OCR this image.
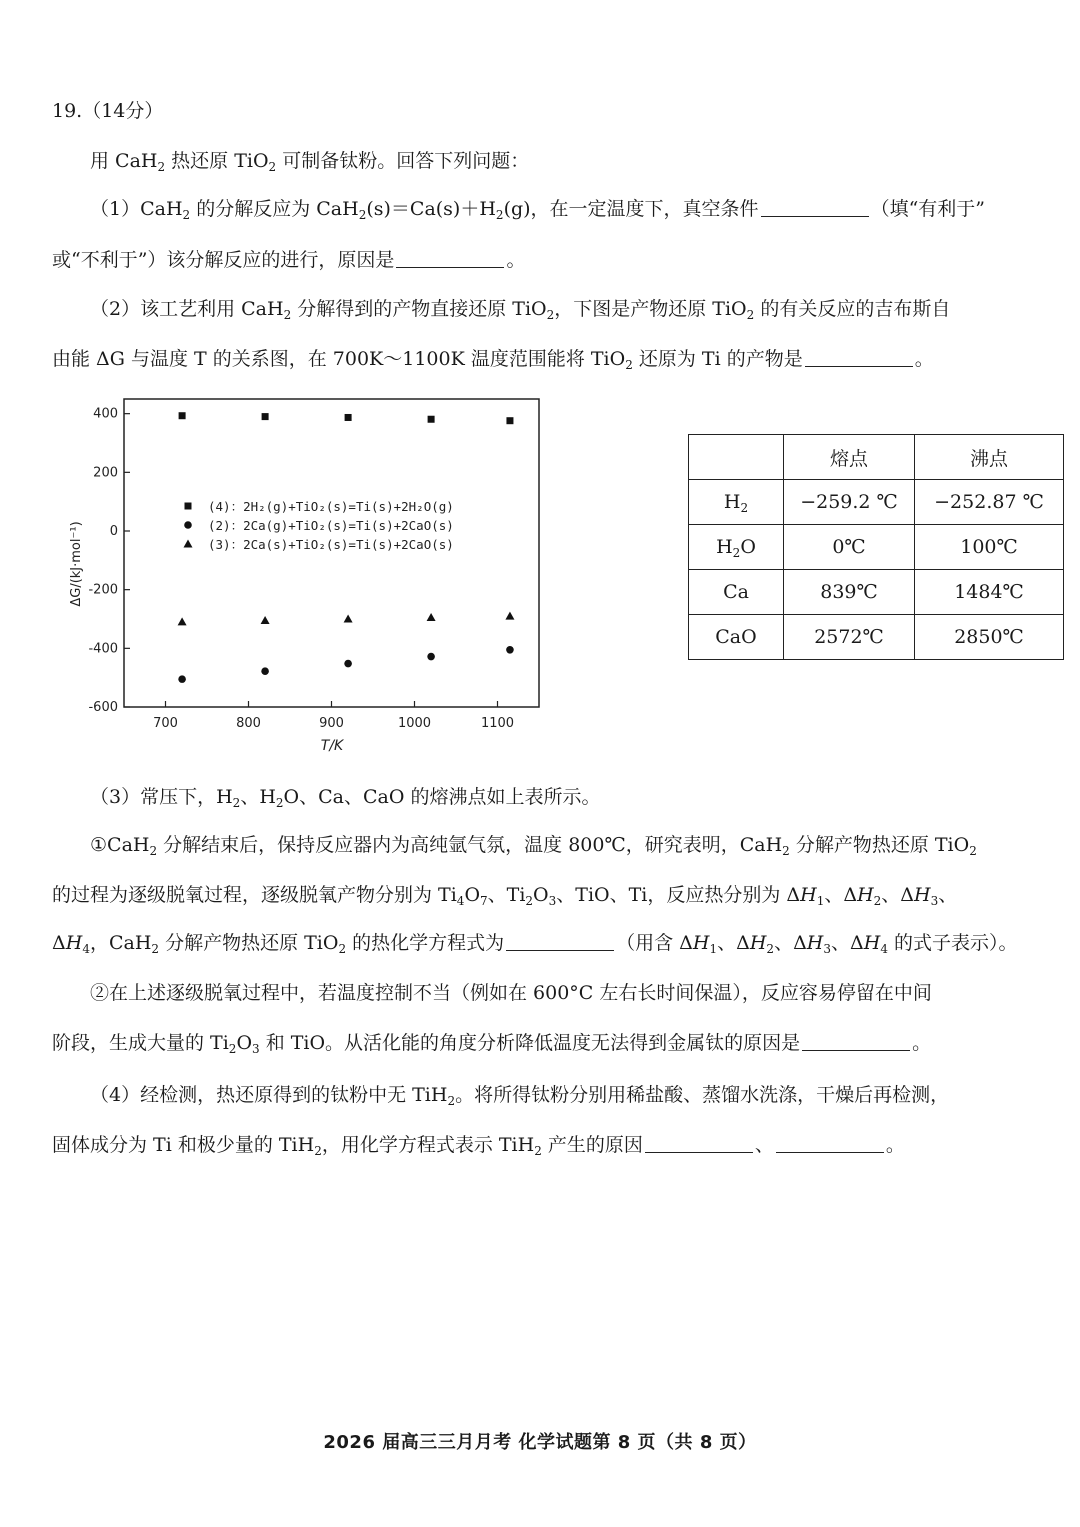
19.（14分）
用 CaH$_2$ 热还原 TiO$_2$ 可制备钛粉。回答下列问题：
（1）CaH$_2$ 的分解反应为 $CaH_2(s)=Ca(s)+H_2(g)$，在一定温度下，真空条件	（填“有利于”
或“不利于”）该分解反应的进行，原因是	。
（2）该工艺利用 CaH$_2$ 分解得到的产物直接还原 TiO$_2$，下图是产物还原 TiO$_2$ 的有关反应的吉布斯自
由能 ΔG 与温度 T 的关系图，在 700K～1100K 温度范围能将 TiO$_2$ 还原为 Ti 的产物是	。
700	800	900	1000	1100
400
200
0
-200
-400
-600
(4)：2H₂(g)+TiO₂(s)=Ti(s)+2H₂O(g)
(2)：2Ca(g)+TiO₂(s)=Ti(s)+2CaO(s)
(3)：2Ca(s)+TiO₂(s)=Ti(s)+2CaO(s)
ΔG/(kJ·mol⁻¹)
T/K
	熔点	沸点
$H_2$	−259.2 ℃	−252.87 ℃
$H_2O$	0℃	100℃
Ca	839℃	1484℃
CaO	2572℃	2850℃
（3）常压下，$H_2$、$H_2O$、Ca、CaO 的熔沸点如上表所示。
①CaH$_2$ 分解结束后，保持反应器内为高纯氩气氛，温度 800℃，研究表明，CaH$_2$ 分解产物热还原 TiO$_2$
的过程为逐级脱氧过程，逐级脱氧产物分别为 $Ti_4O_7$、$Ti_2O_3$、TiO、Ti，反应热分别为 $\Delta H_1$、$\Delta H_2$、$\Delta H_3$、
$\Delta H_4$，CaH$_2$ 分解产物热还原 TiO$_2$ 的热化学方程式为	（用含 $\Delta H_1$、$\Delta H_2$、$\Delta H_3$、$\Delta H_4$ 的式子表示）。
②在上述逐级脱氧过程中，若温度控制不当（例如在 600°C 左右长时间保温），反应容易停留在中间
阶段，生成大量的 $Ti_2O_3$ 和 TiO。从活化能的角度分析降低温度无法得到金属钛的原因是	。
（4）经检测，热还原得到的钛粉中无 TiH$_2$。将所得钛粉分别用稀盐酸、蒸馏水洗涤，干燥后再检测，
固体成分为 Ti 和极少量的 TiH$_2$，用化学方程式表示 TiH$_2$ 产生的原因	、	。
2026 届高三三月月考 化学试题第 8 页（共 8 页）
